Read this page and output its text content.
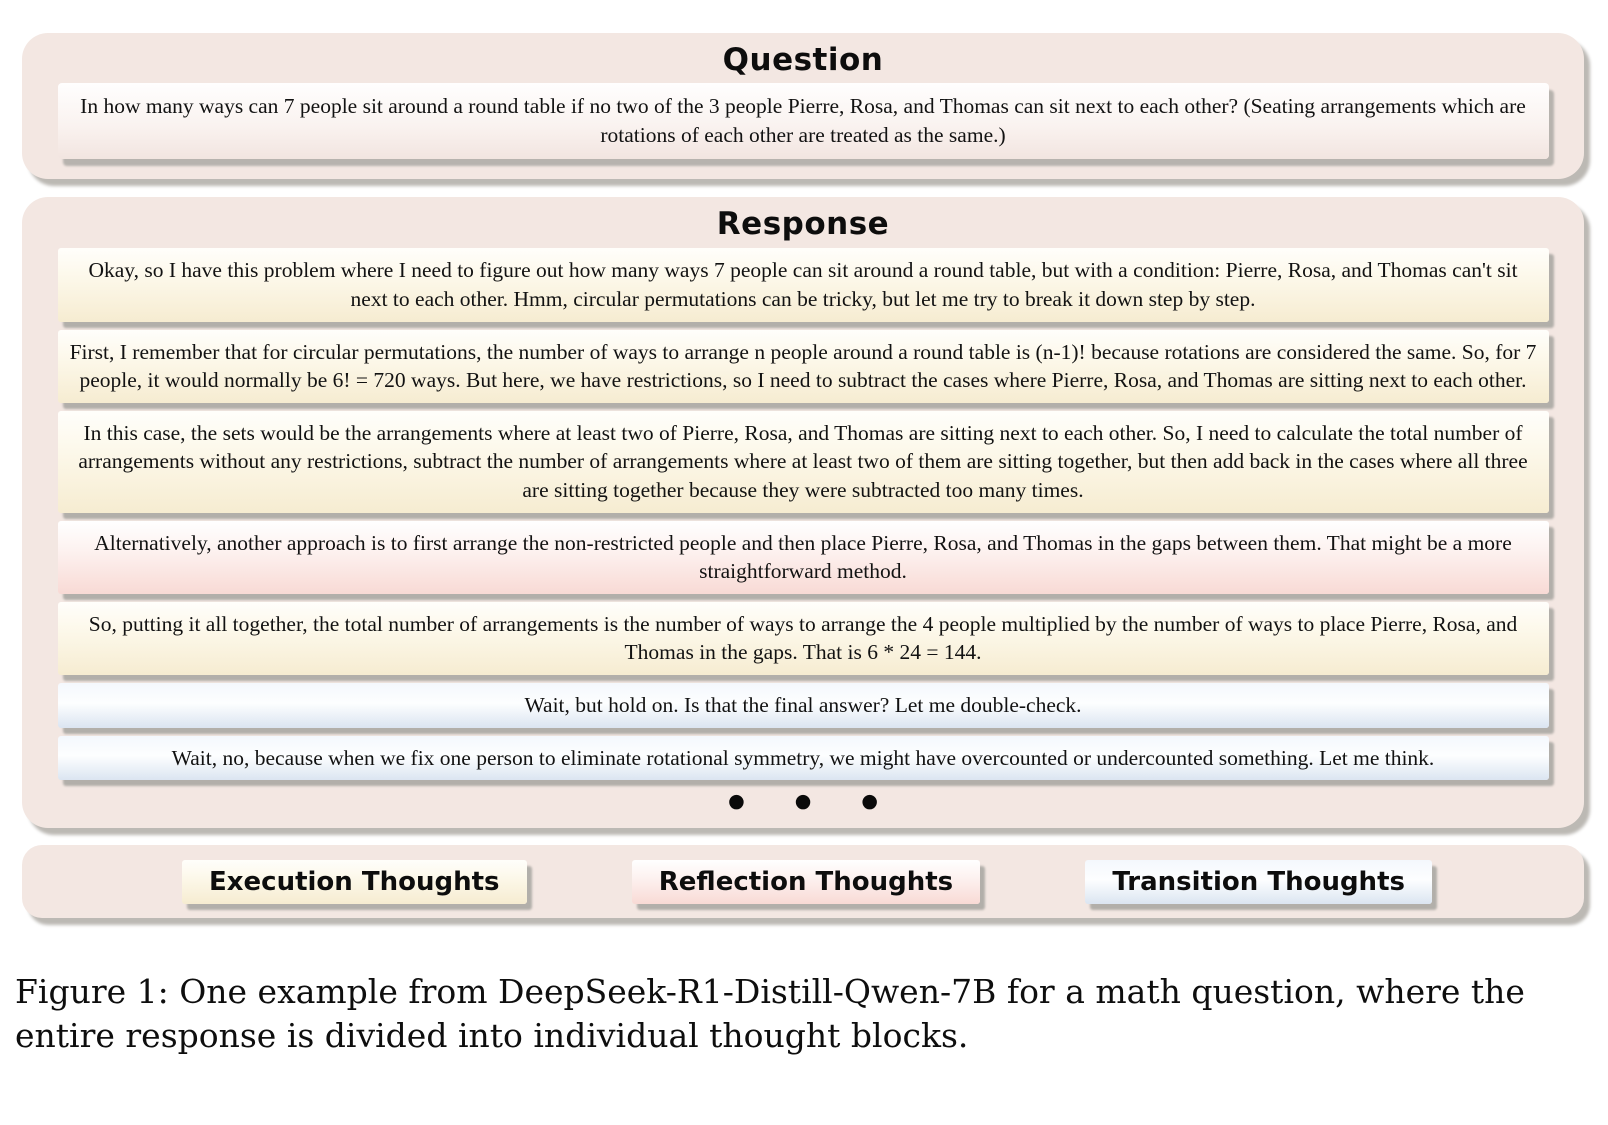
Question
In how many ways can 7 people sit around a round table if no two of the 3 people Pierre, Rosa, and Thomas can sit next to each other? (Seating arrangements which are rotations of each other are treated as the same.)
Response
Okay, so I have this problem where I need to figure out how many ways 7 people can sit around a round table, but with a condition: Pierre, Rosa, and Thomas can't sit next to each other. Hmm, circular permutations can be tricky, but let me try to break it down step by step.
First, I remember that for circular permutations, the number of ways to arrange n people around a round table is (n-1)! because rotations are considered the same. So, for 7 people, it would normally be 6! = 720 ways. But here, we have restrictions, so I need to subtract the cases where Pierre, Rosa, and Thomas are sitting next to each other.
In this case, the sets would be the arrangements where at least two of Pierre, Rosa, and Thomas are sitting next to each other. So, I need to calculate the total number of arrangements without any restrictions, subtract the number of arrangements where at least two of them are sitting together, but then add back in the cases where all three are sitting together because they were subtracted too many times.
Alternatively, another approach is to first arrange the non-restricted people and then place Pierre, Rosa, and Thomas in the gaps between them. That might be a more straightforward method.
So, putting it all together, the total number of arrangements is the number of ways to arrange the 4 people multiplied by the number of ways to place Pierre, Rosa, and Thomas in the gaps. That is 6 * 24 = 144.
Wait, but hold on. Is that the final answer? Let me double-check.
Wait, no, because when we fix one person to eliminate rotational symmetry, we might have overcounted or undercounted something. Let me think.
● ● ●
Execution Thoughts	Reflection Thoughts	Transition Thoughts
Figure 1: One example from DeepSeek-R1-Distill-Qwen-7B for a math question, where the entire response is divided into individual thought blocks.
